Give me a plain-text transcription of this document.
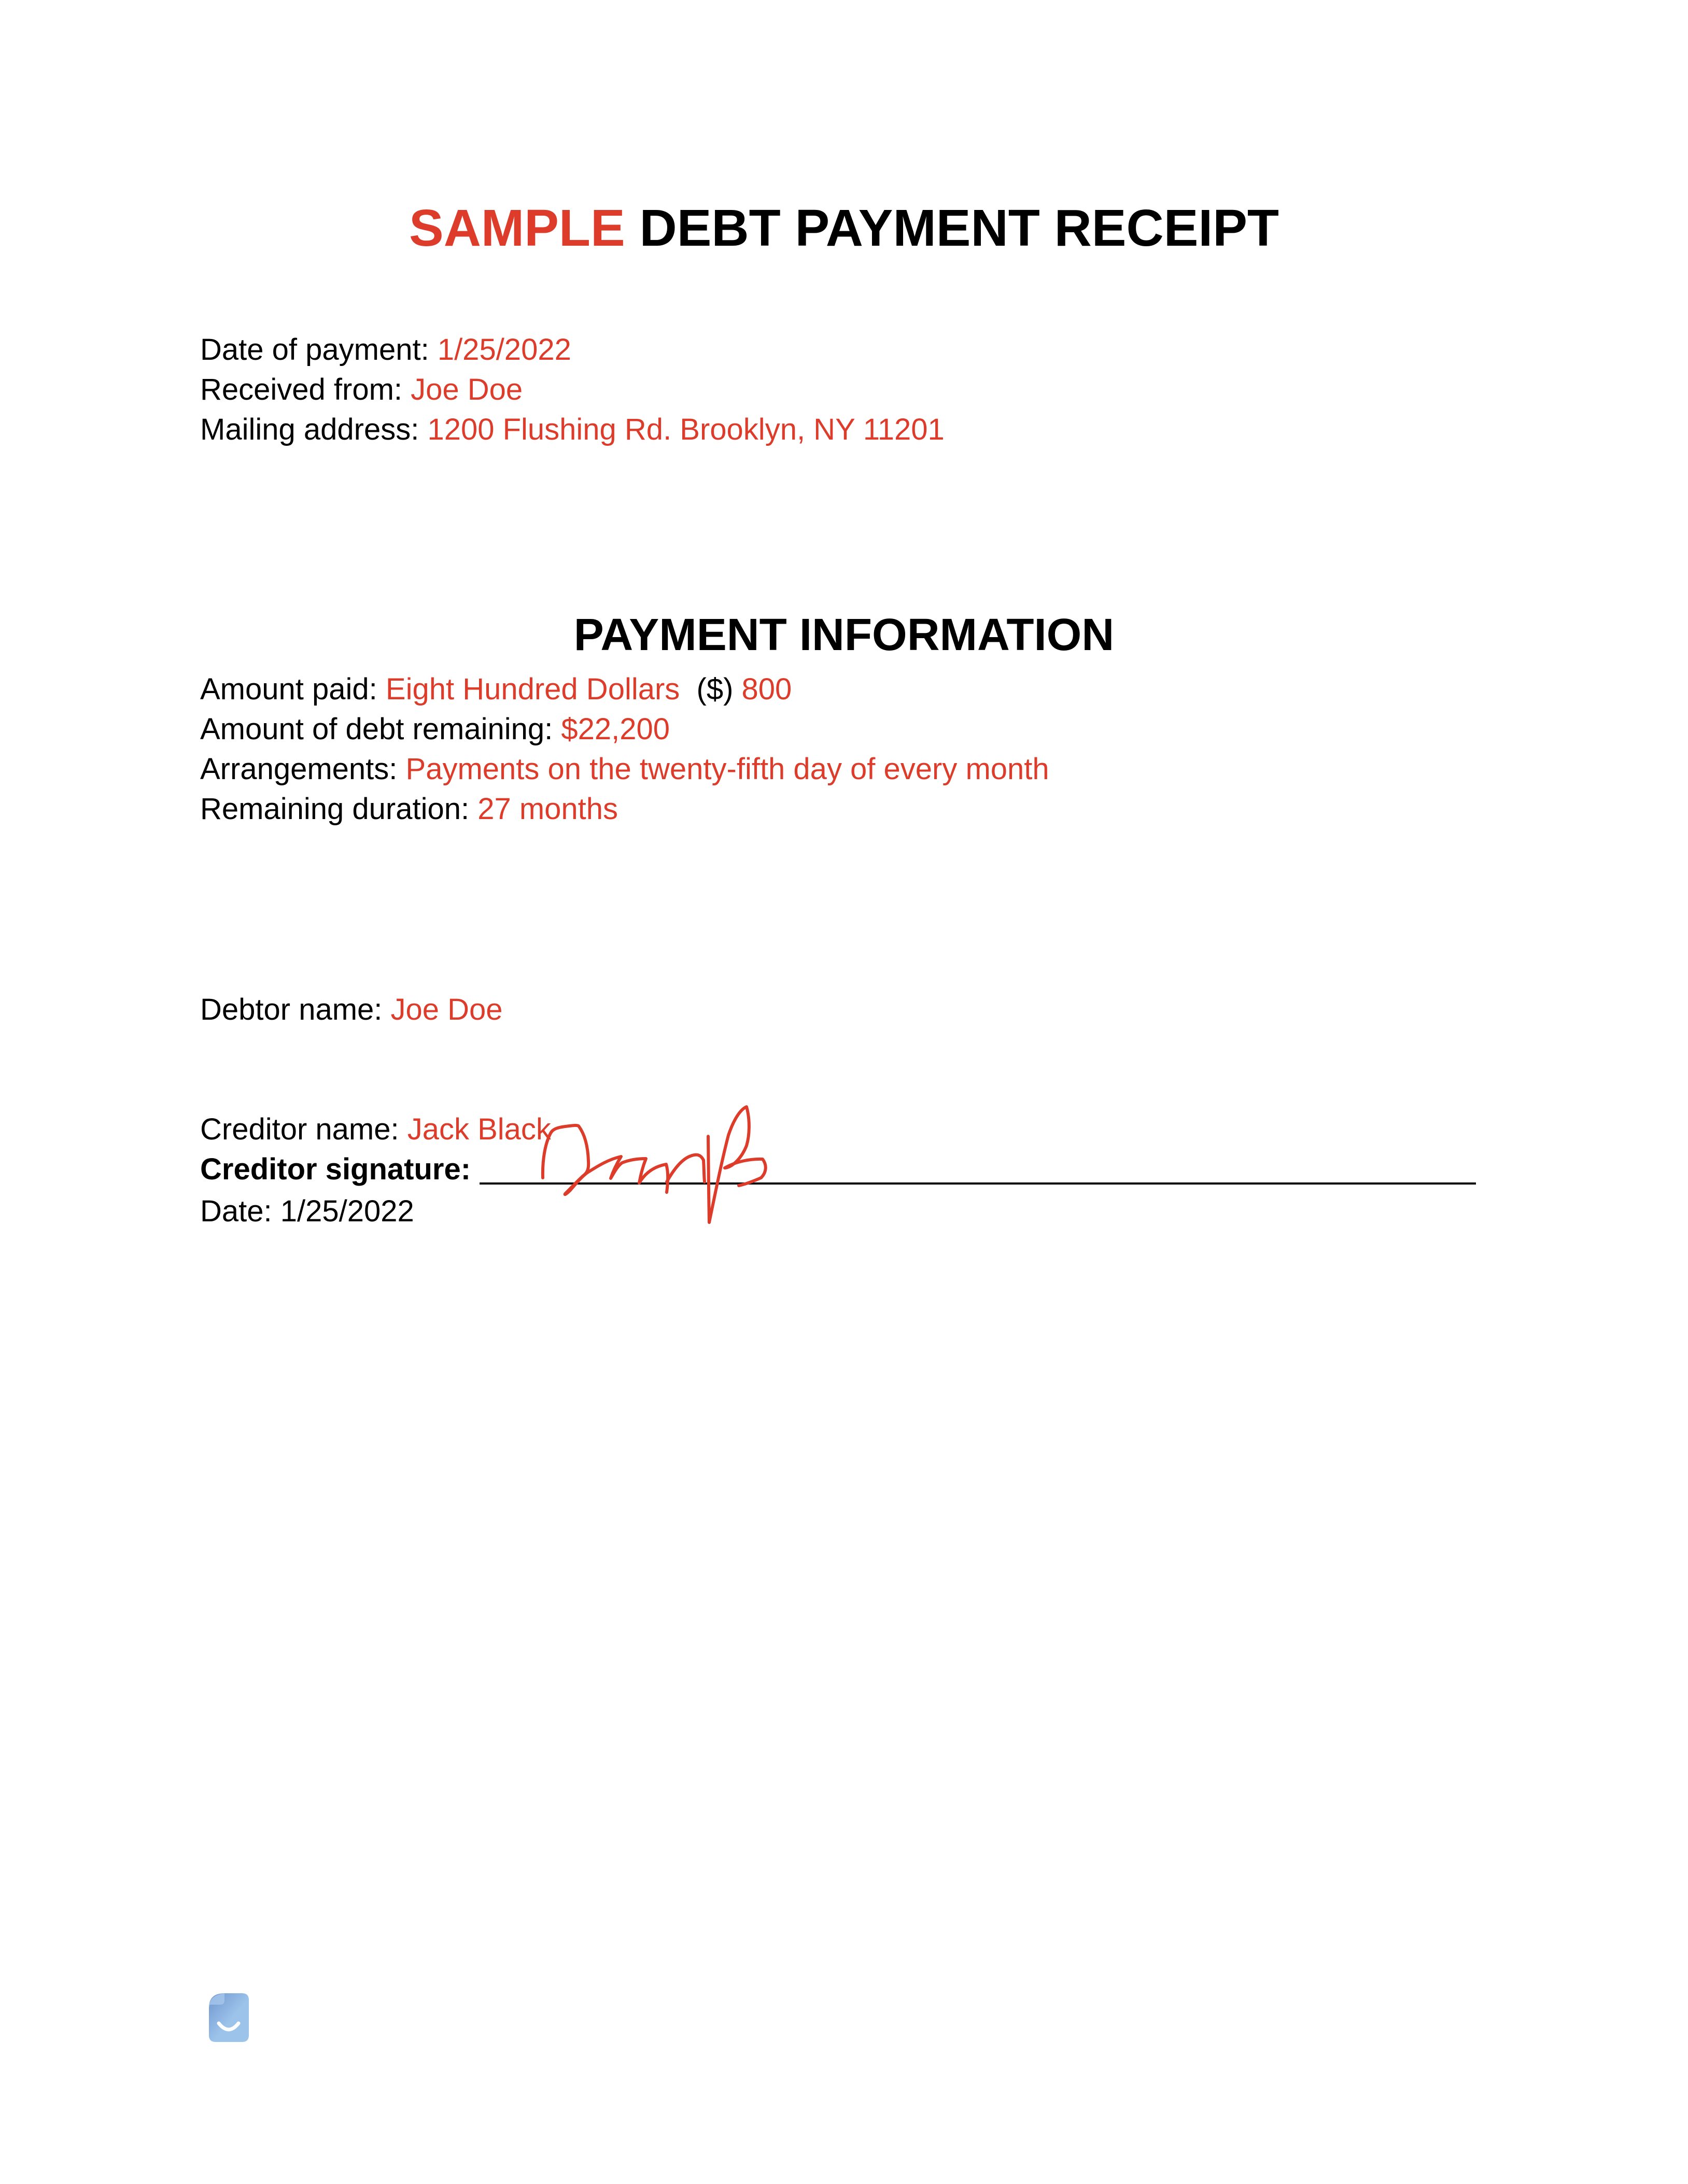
SAMPLE DEBT PAYMENT RECEIPT
Date of payment: 1/25/2022
Received from: Joe Doe
Mailing address: 1200 Flushing Rd. Brooklyn, NY 11201
PAYMENT INFORMATION
Amount paid: Eight Hundred Dollars  ($) 800
Amount of debt remaining: $22,200
Arrangements: Payments on the twenty-fifth day of every month
Remaining duration: 27 months
Debtor name: Joe Doe
Creditor name: Jack Black
Creditor signature:
Date: 1/25/2022
